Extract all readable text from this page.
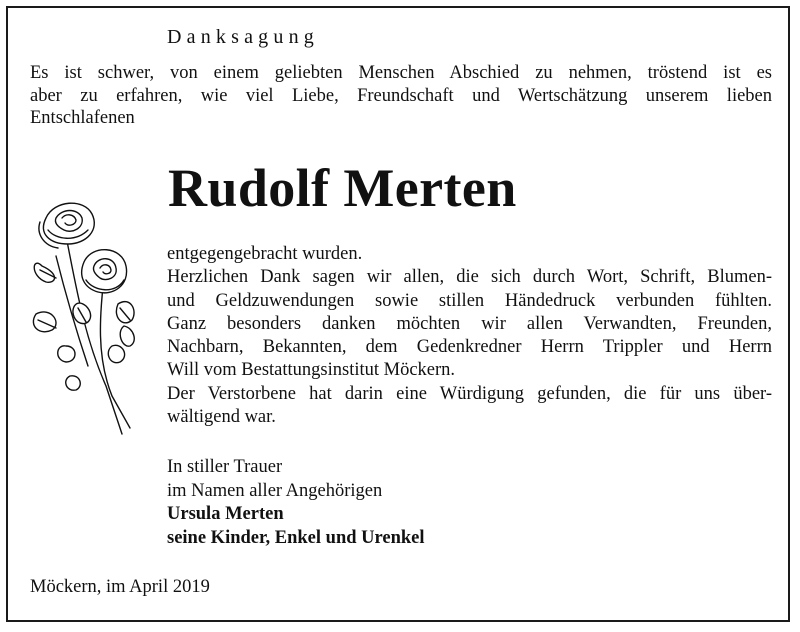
Danksagung

Es ist schwer, von einem geliebten Menschen Abschied zu nehmen, tröstend ist es
aber zu erfahren, wie viel Liebe, Freundschaft und Wertschätzung unserem lieben
Entschlafenen

Rudolf Merten

entgegengebracht wurden.
Herzlichen Dank sagen wir allen, die sich durch Wort, Schrift, Blumen-
und Geldzuwendungen sowie stillen Händedruck verbunden fühlten.
Ganz besonders danken möchten wir allen Verwandten, Freunden,
Nachbarn, Bekannten, dem Gedenkredner Herrn Trippler und Herrn
Will vom Bestattungsinstitut Möckern.
Der Verstorbene hat darin eine Würdigung gefunden, die für uns über-
wältigend war.

In stiller Trauer
im Namen aller Angehörigen
Ursula Merten
seine Kinder, Enkel und Urenkel

Möckern, im April 2019
